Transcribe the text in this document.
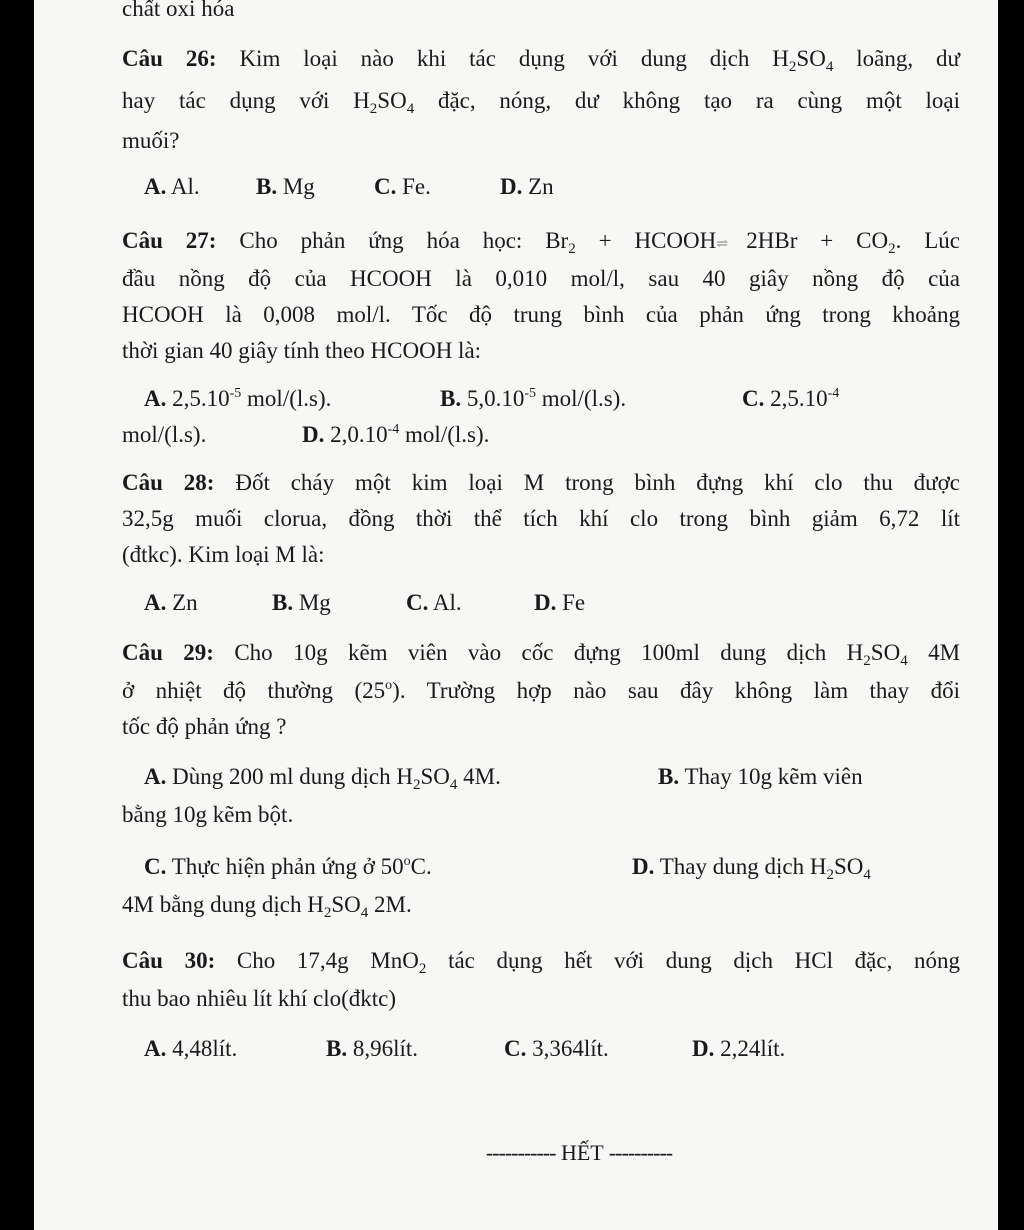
chất oxi hóa
Câu 26: Kim loại nào khi tác dụng với dung dịch $H_2SO_4$ loãng, dư
hay tác dụng với $H_2SO_4$ đặc, nóng, dư không tạo ra cùng một loại
muối?
A. Al. B. Mg	C. Fe.	D. Zn
Câu 27: Cho phản ứng hóa học: $Br_2$ + HCOOH⇌ $2HBr + CO_2$. Lúc
đầu nồng độ của HCOOH là 0,010 mol/l, sau 40 giây nồng độ của
HCOOH là 0,008 mol/l. Tốc độ trung bình của phản ứng trong khoảng
thời gian 40 giây tính theo HCOOH là:
A. $2,5.10^{-5}$ mol/(l.s).	B. $5,0.10^{-5}$ mol/(l.s).	C. $2,5.10^{-4}$
mol/(l.s).	D. $2,0.10^{-4}$ mol/(l.s).
Câu 28: Đốt cháy một kim loại M trong bình đựng khí clo thu được
32,5g muối clorua, đồng thời thể tích khí clo trong bình giảm 6,72 lít
(đtkc). Kim loại M là:
A. Zn	B. Mg	C. Al.	D. Fe
Câu 29: Cho 10g kẽm viên vào cốc đựng 100ml dung dịch $H_2SO_4$ 4M
ở nhiệt độ thường (25$^o$). Trường hợp nào sau đây không làm thay đổi
tốc độ phản ứng ?
A. Dùng 200 ml dung dịch $H_2SO_4$ 4M.	B. Thay 10g kẽm viên
bằng 10g kẽm bột.
C. Thực hiện phản ứng ở 50$^o$C.	D. Thay dung dịch $H_2SO_4$
4M bằng dung dịch $H_2SO_4$ 2M.
Câu 30: Cho 17,4g MnO$_2$ tác dụng hết với dung dịch HCl đặc, nóng
thu bao nhiêu lít khí clo(đktc)
A. 4,48lít.	B. 8,96lít.	C. 3,364lít.	D. 2,24lít.
----------- HẾT ----------
